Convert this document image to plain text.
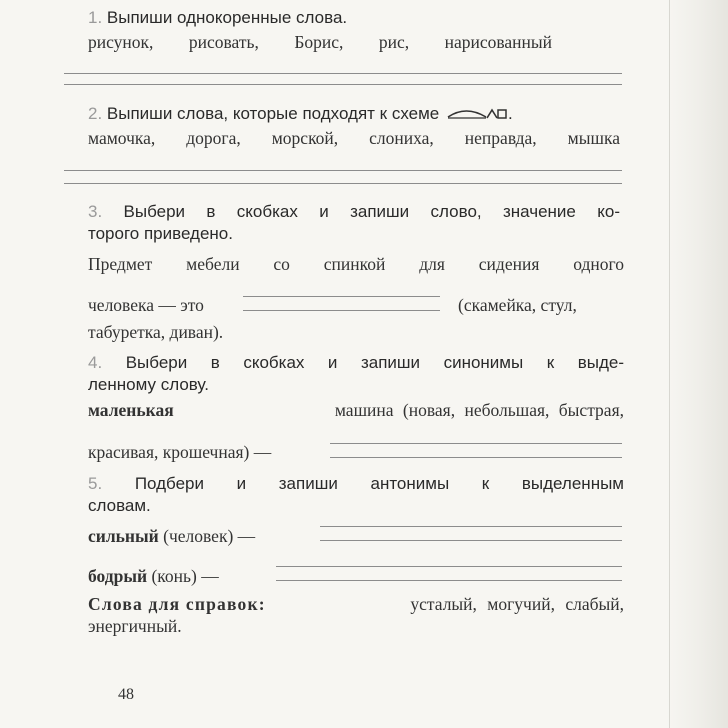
1. Выпиши однокоренные слова.
рисунок, рисовать, Борис, рис, нарисованный
2. Выпиши слова, которые подходят к схеме	.
мамочка, дорога, морской, слониха, неправда, мышка
3. Выбери в скобках и запиши слово, значение ко-
торого приведено.
Предмет мебели со спинкой для сидения одного
человека — это	(скамейка, стул,
табуретка, диван).
4. Выбери в скобках и запиши синонимы к выде-
ленному слову.
маленькая	машина (новая, небольшая, быстрая,
красивая, крошечная) —
5. Подбери и запиши антонимы к выделенным
словам.
сильный (человек) —
бодрый (конь) —
Слова для справок:	усталый, могучий, слабый,
энергичный.
48
